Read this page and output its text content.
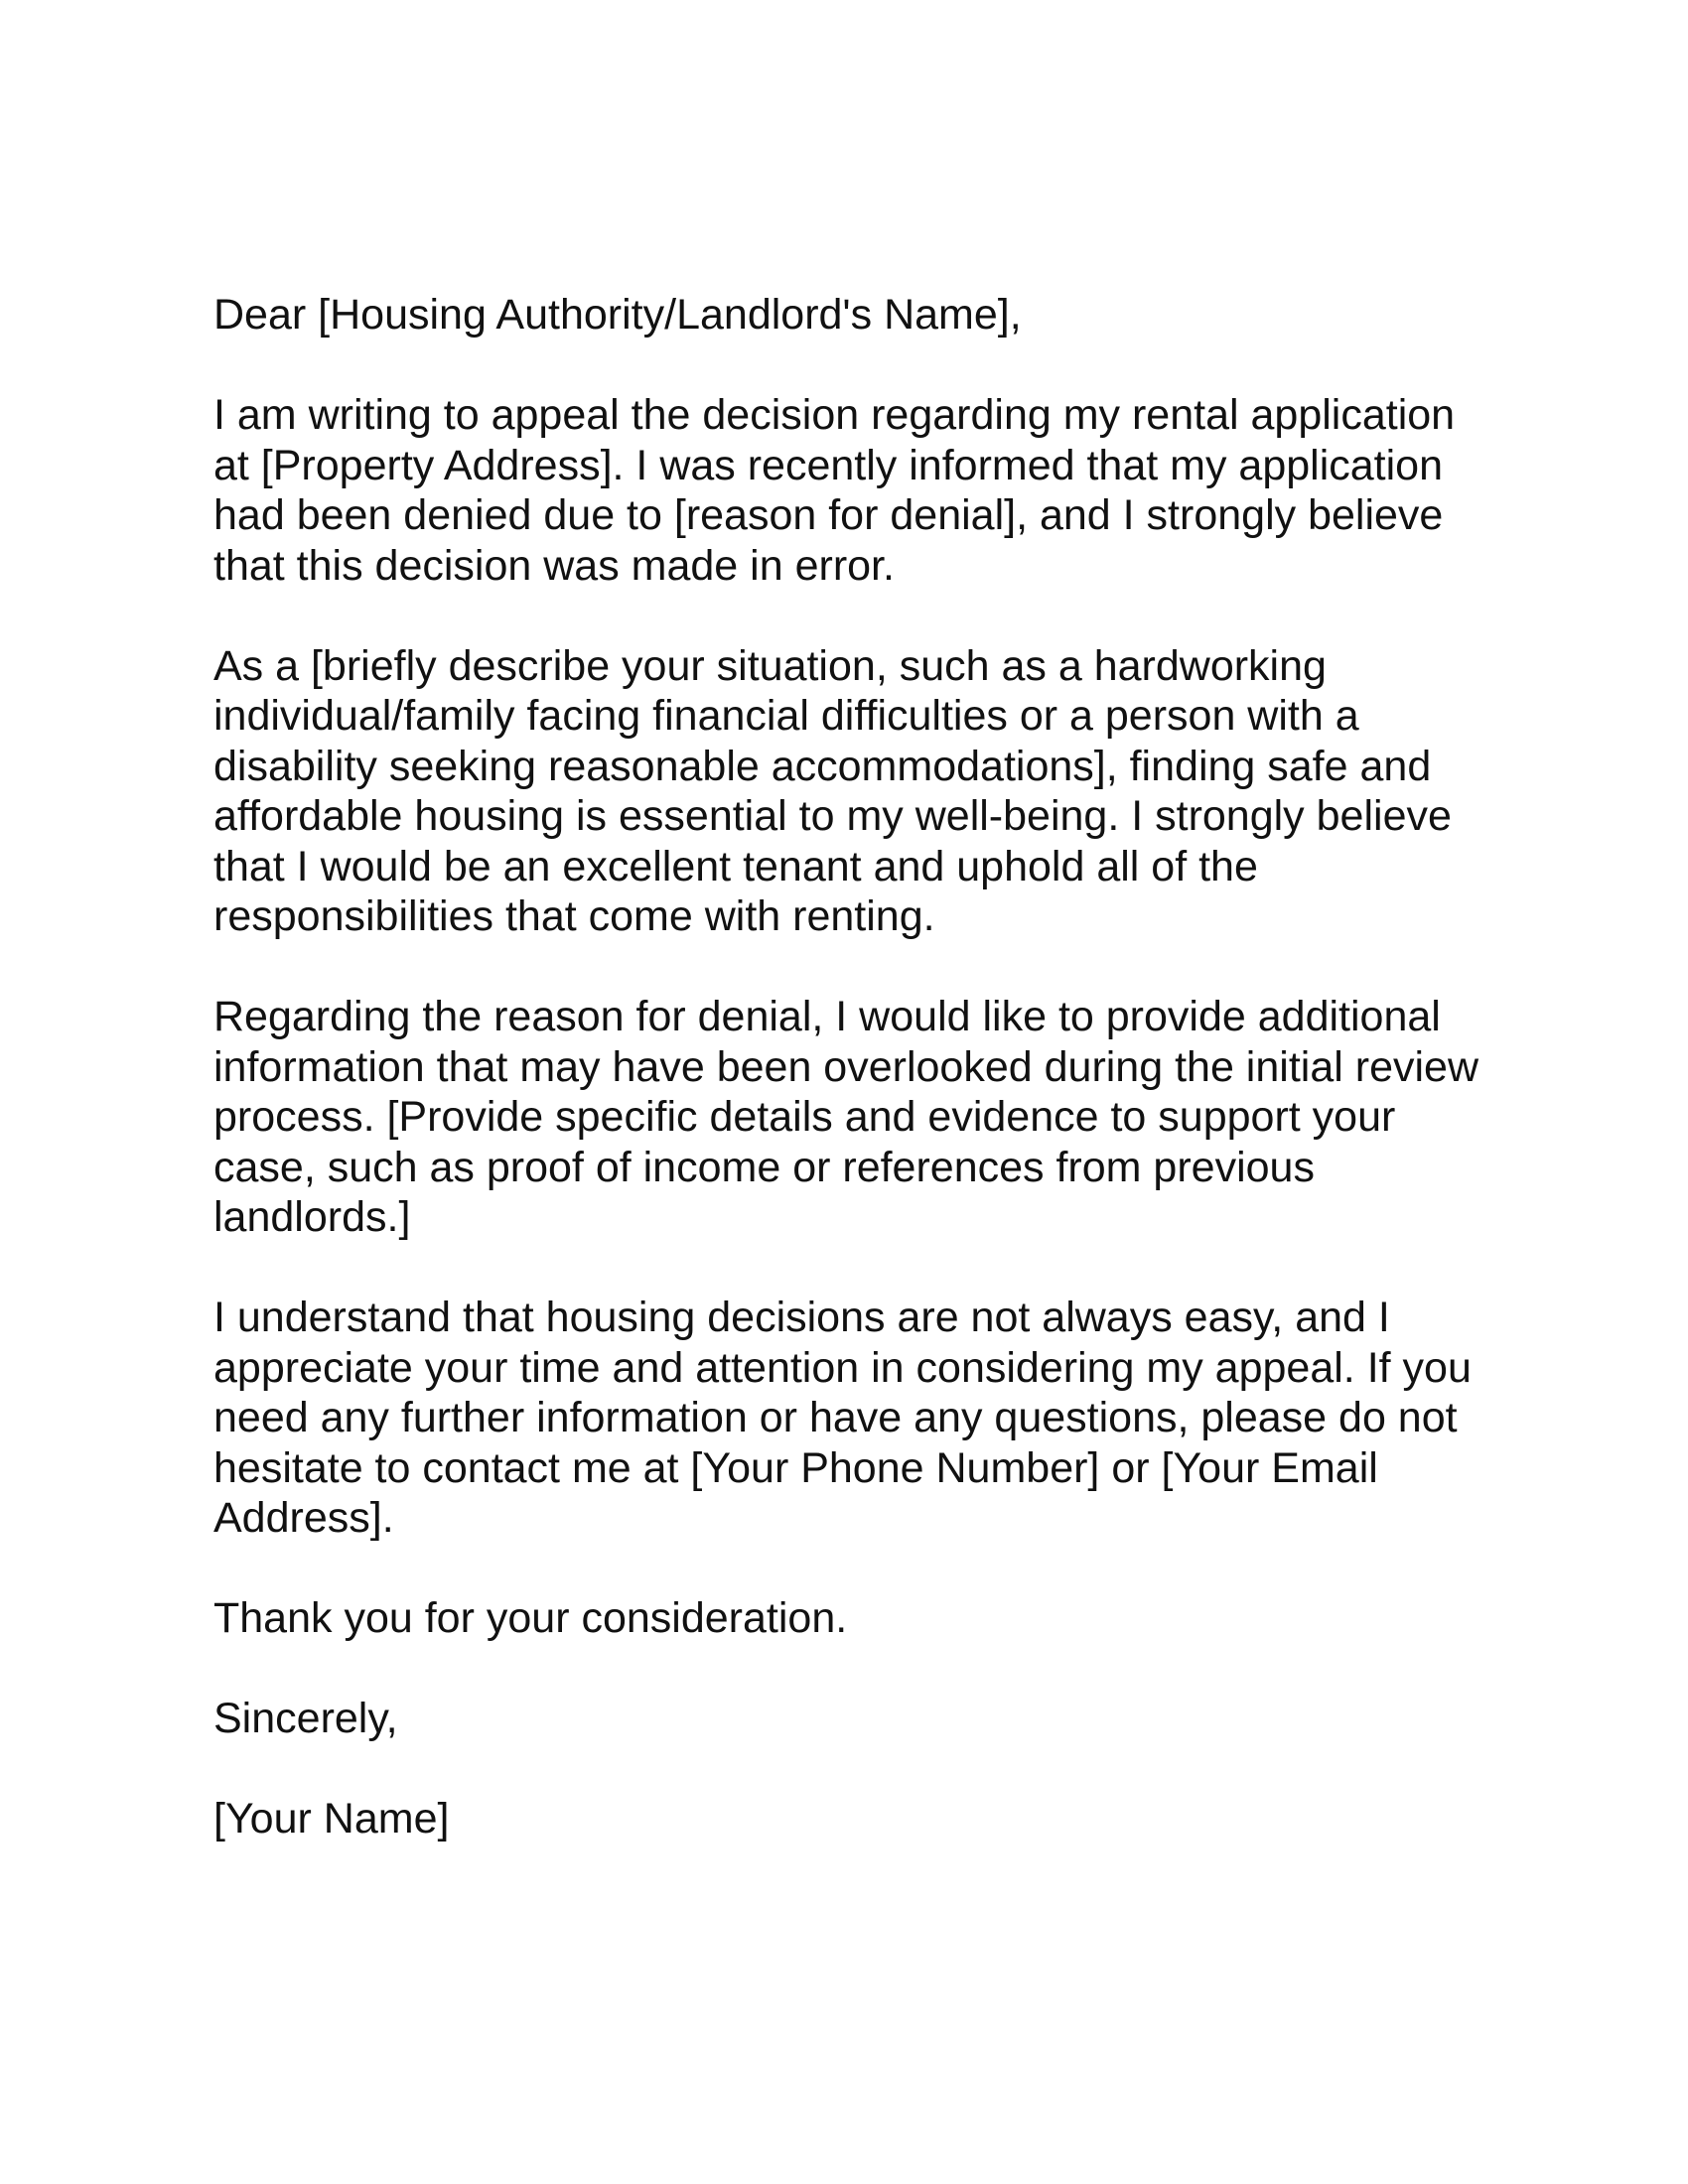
Dear [Housing Authority/Landlord's Name],

I am writing to appeal the decision regarding my rental application
at [Property Address]. I was recently informed that my application
had been denied due to [reason for denial], and I strongly believe
that this decision was made in error.

As a [briefly describe your situation, such as a hardworking
individual/family facing financial difficulties or a person with a
disability seeking reasonable accommodations], finding safe and
affordable housing is essential to my well-being. I strongly believe
that I would be an excellent tenant and uphold all of the
responsibilities that come with renting.

Regarding the reason for denial, I would like to provide additional
information that may have been overlooked during the initial review
process. [Provide specific details and evidence to support your
case, such as proof of income or references from previous
landlords.]

I understand that housing decisions are not always easy, and I
appreciate your time and attention in considering my appeal. If you
need any further information or have any questions, please do not
hesitate to contact me at [Your Phone Number] or [Your Email
Address].

Thank you for your consideration.

Sincerely,

[Your Name]
